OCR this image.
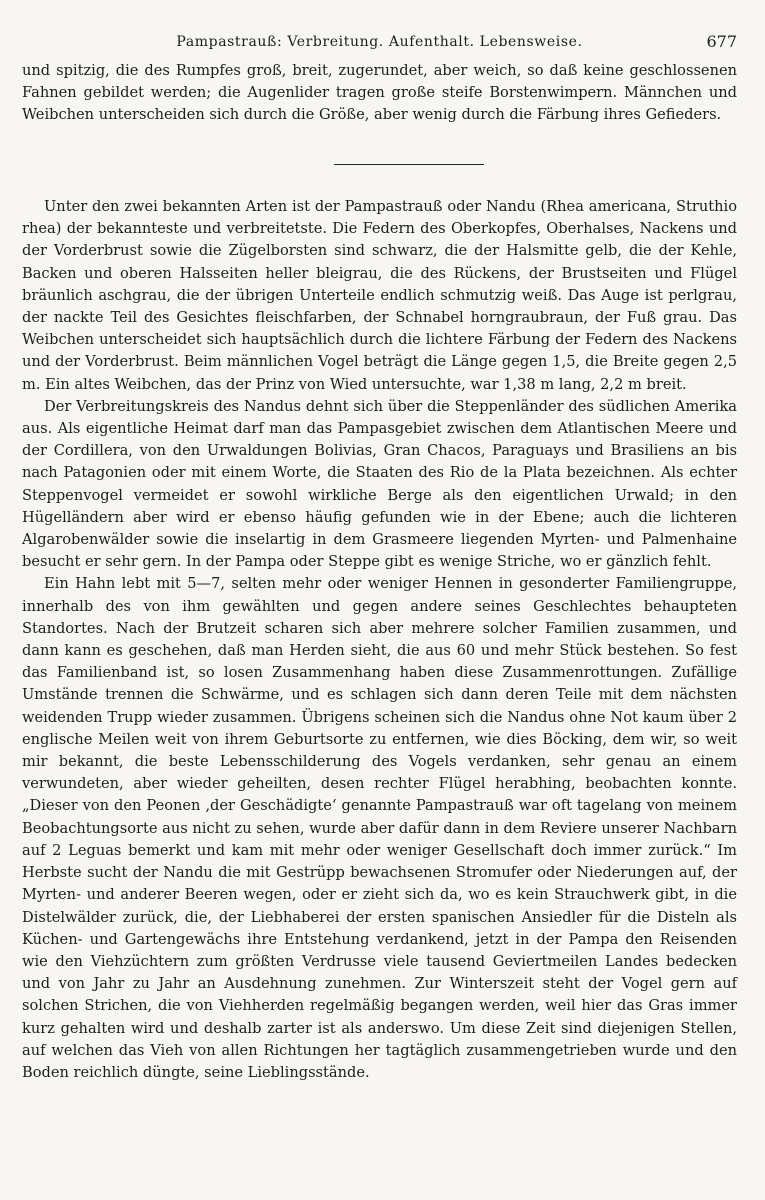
Pampastrauß: Verbreitung. Aufenthalt. Lebensweise.	677

und spitzig, die des Rumpfes groß, breit, zugerundet, aber weich, so daß keine geschlossenen Fahnen gebildet werden; die Augenlider tragen große steife Borstenwimpern. Männchen und Weibchen unterscheiden sich durch die Größe, aber wenig durch die Färbung ihres Gefieders.

Unter den zwei bekannten Arten ist der Pampastrauß oder Nandu (Rhea americana, Struthio rhea) der bekannteste und verbreitetste. Die Federn des Oberkopfes, Oberhalses, Nackens und der Vorderbrust sowie die Zügelborsten sind schwarz, die der Halsmitte gelb, die der Kehle, Backen und oberen Halsseiten heller bleigrau, die des Rückens, der Brustseiten und Flügel bräunlich aschgrau, die der übrigen Unterteile endlich schmutzig weiß. Das Auge ist perlgrau, der nackte Teil des Gesichtes fleischfarben, der Schnabel horngraubraun, der Fuß grau. Das Weibchen unterscheidet sich hauptsächlich durch die lichtere Färbung der Federn des Nackens und der Vorderbrust. Beim männlichen Vogel beträgt die Länge gegen 1,5, die Breite gegen 2,5 m. Ein altes Weibchen, das der Prinz von Wied untersuchte, war 1,38 m lang, 2,2 m breit.

Der Verbreitungskreis des Nandus dehnt sich über die Steppenländer des südlichen Amerika aus. Als eigentliche Heimat darf man das Pampasgebiet zwischen dem Atlantischen Meere und der Cordillera, von den Urwaldungen Bolivias, Gran Chacos, Paraguays und Brasiliens an bis nach Patagonien oder mit einem Worte, die Staaten des Rio de la Plata bezeichnen. Als echter Steppenvogel vermeidet er sowohl wirkliche Berge als den eigentlichen Urwald; in den Hügelländern aber wird er ebenso häufig gefunden wie in der Ebene; auch die lichteren Algarobenwälder sowie die inselartig in dem Grasmeere liegenden Myrten- und Palmenhaine besucht er sehr gern. In der Pampa oder Steppe gibt es wenige Striche, wo er gänzlich fehlt.

Ein Hahn lebt mit 5—7, selten mehr oder weniger Hennen in gesonderter Familiengruppe, innerhalb des von ihm gewählten und gegen andere seines Geschlechtes behaupteten Standortes. Nach der Brutzeit scharen sich aber mehrere solcher Familien zusammen, und dann kann es geschehen, daß man Herden sieht, die aus 60 und mehr Stück bestehen. So fest das Familienband ist, so losen Zusammenhang haben diese Zusammenrottungen. Zufällige Umstände trennen die Schwärme, und es schlagen sich dann deren Teile mit dem nächsten weidenden Trupp wieder zusammen. Übrigens scheinen sich die Nandus ohne Not kaum über 2 englische Meilen weit von ihrem Geburtsorte zu entfernen, wie dies Böcking, dem wir, so weit mir bekannt, die beste Lebensschilderung des Vogels verdanken, sehr genau an einem verwundeten, aber wieder geheilten, desen rechter Flügel herabhing, beobachten konnte. „Dieser von den Peonen ‚der Geschädigte‘ genannte Pampastrauß war oft tagelang von meinem Beobachtungsorte aus nicht zu sehen, wurde aber dafür dann in dem Reviere unserer Nachbarn auf 2 Leguas bemerkt und kam mit mehr oder weniger Gesellschaft doch immer zurück.“ Im Herbste sucht der Nandu die mit Gestrüpp bewachsenen Stromufer oder Niederungen auf, der Myrten- und anderer Beeren wegen, oder er zieht sich da, wo es kein Strauchwerk gibt, in die Distelwälder zurück, die, der Liebhaberei der ersten spanischen Ansiedler für die Disteln als Küchen- und Gartengewächs ihre Entstehung verdankend, jetzt in der Pampa den Reisenden wie den Viehzüchtern zum größten Verdrusse viele tausend Geviertmeilen Landes bedecken und von Jahr zu Jahr an Ausdehnung zunehmen. Zur Winterszeit steht der Vogel gern auf solchen Strichen, die von Viehherden regelmäßig begangen werden, weil hier das Gras immer kurz gehalten wird und deshalb zarter ist als anderswo. Um diese Zeit sind diejenigen Stellen, auf welchen das Vieh von allen Richtungen her tagtäglich zusammengetrieben wurde und den Boden reichlich düngte, seine Lieblingsstände.
